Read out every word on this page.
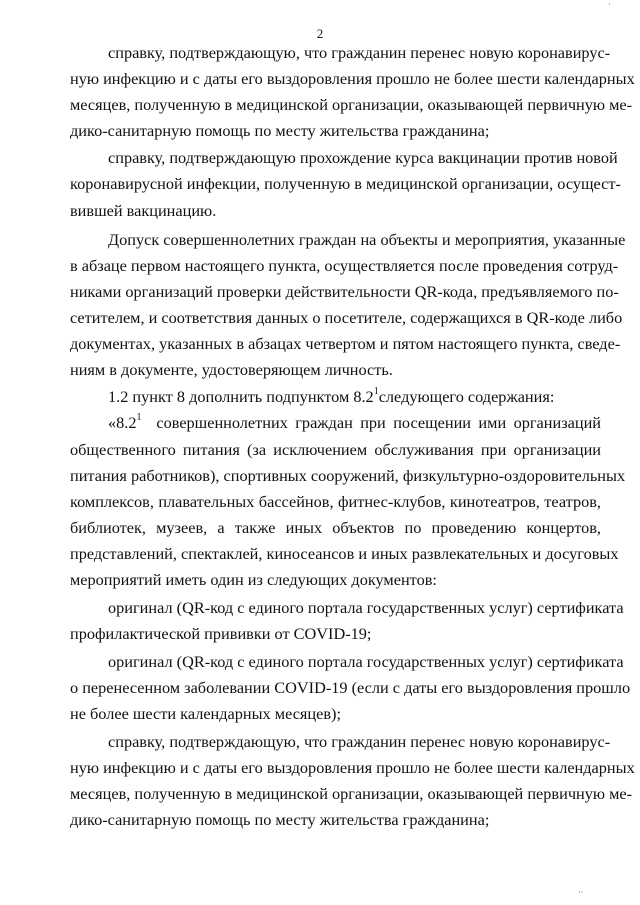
2
справку, подтверждающую, что гражданин перенес новую коронавирус-
ную инфекцию и с даты его выздоровления прошло не более шести календарных
месяцев, полученную в медицинской организации, оказывающей первичную ме-
дико-санитарную помощь по месту жительства гражданина;
справку, подтверждающую прохождение курса вакцинации против новой
коронавирусной инфекции, полученную в медицинской организации, осущест-
вившей вакцинацию.
Допуск совершеннолетних граждан на объекты и мероприятия, указанные
в абзаце первом настоящего пункта, осуществляется после проведения сотруд-
никами организаций проверки действительности QR-кода, предъявляемого по-
сетителем, и соответствия данных о посетителе, содержащихся в QR-коде либо
документах, указанных в абзацах четвертом и пятом настоящего пункта, сведе-
ниям в документе, удостоверяющем личность.
1.2 пункт 8 дополнить подпунктом $8.2^1следующего$ содержания:
«$8.2^1$ совершеннолетних граждан при посещении ими организаций
общественного питания (за исключением обслуживания при организации
питания работников), спортивных сооружений, физкультурно-оздоровительных
комплексов, плавательных бассейнов, фитнес-клубов, кинотеатров, театров,
библиотек, музеев, а также иных объектов по проведению концертов,
представлений, спектаклей, киносеансов и иных развлекательных и досуговых
мероприятий иметь один из следующих документов:
оригинал (QR-код с единого портала государственных услуг) сертификата
профилактической прививки от COVID-19;
оригинал (QR-код с единого портала государственных услуг) сертификата
о перенесенном заболевании COVID-19 (если с даты его выздоровления прошло
не более шести календарных месяцев);
справку, подтверждающую, что гражданин перенес новую коронавирус-
ную инфекцию и с даты его выздоровления прошло не более шести календарных
месяцев, полученную в медицинской организации, оказывающей первичную ме-
дико-санитарную помощь по месту жительства гражданина;
·
··
